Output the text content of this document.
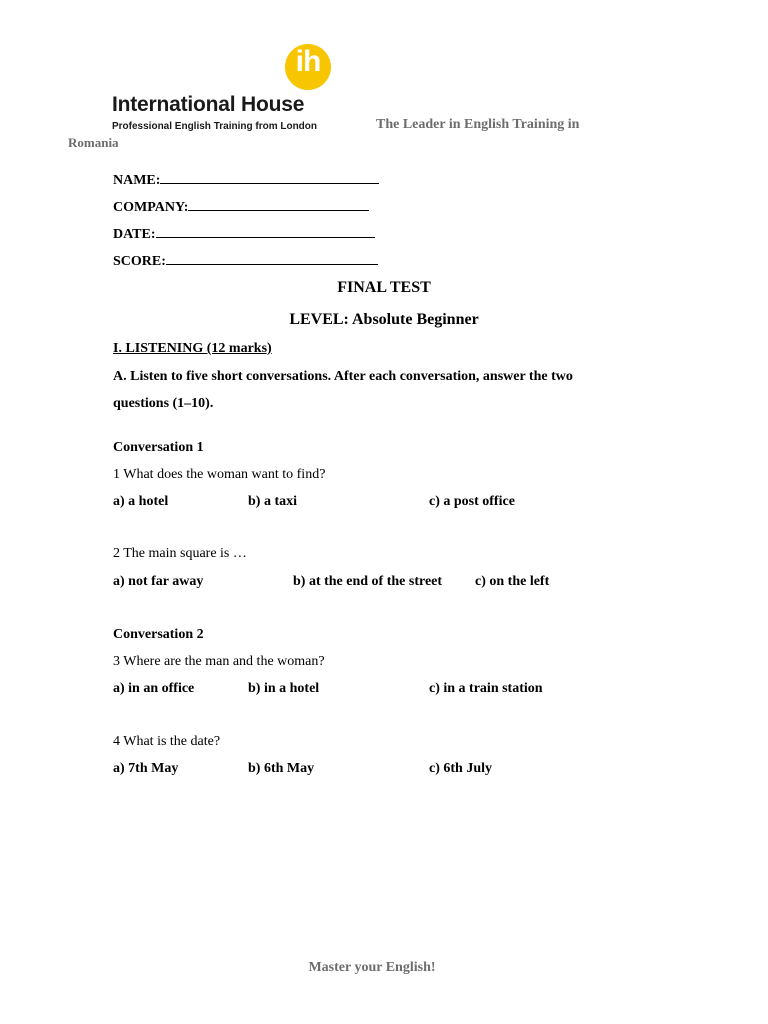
ih
International House
Professional English Training from London	The Leader in English Training in
Romania
NAME:
COMPANY:
DATE:
SCORE:
FINAL TEST
LEVEL: Absolute Beginner
I. LISTENING (12 marks)
A. Listen to five short conversations. After each conversation, answer the two
questions (1–10).
Conversation 1
1 What does the woman want to find?
a) a hotel	b) a taxi	c) a post office
2 The main square is …
a) not far away	b) at the end of the street c) on the left
Conversation 2
3 Where are the man and the woman?
a) in an office	b) in a hotel	c) in a train station
4 What is the date?
a) 7th May	b) 6th May	c) 6th July
Master your English!
